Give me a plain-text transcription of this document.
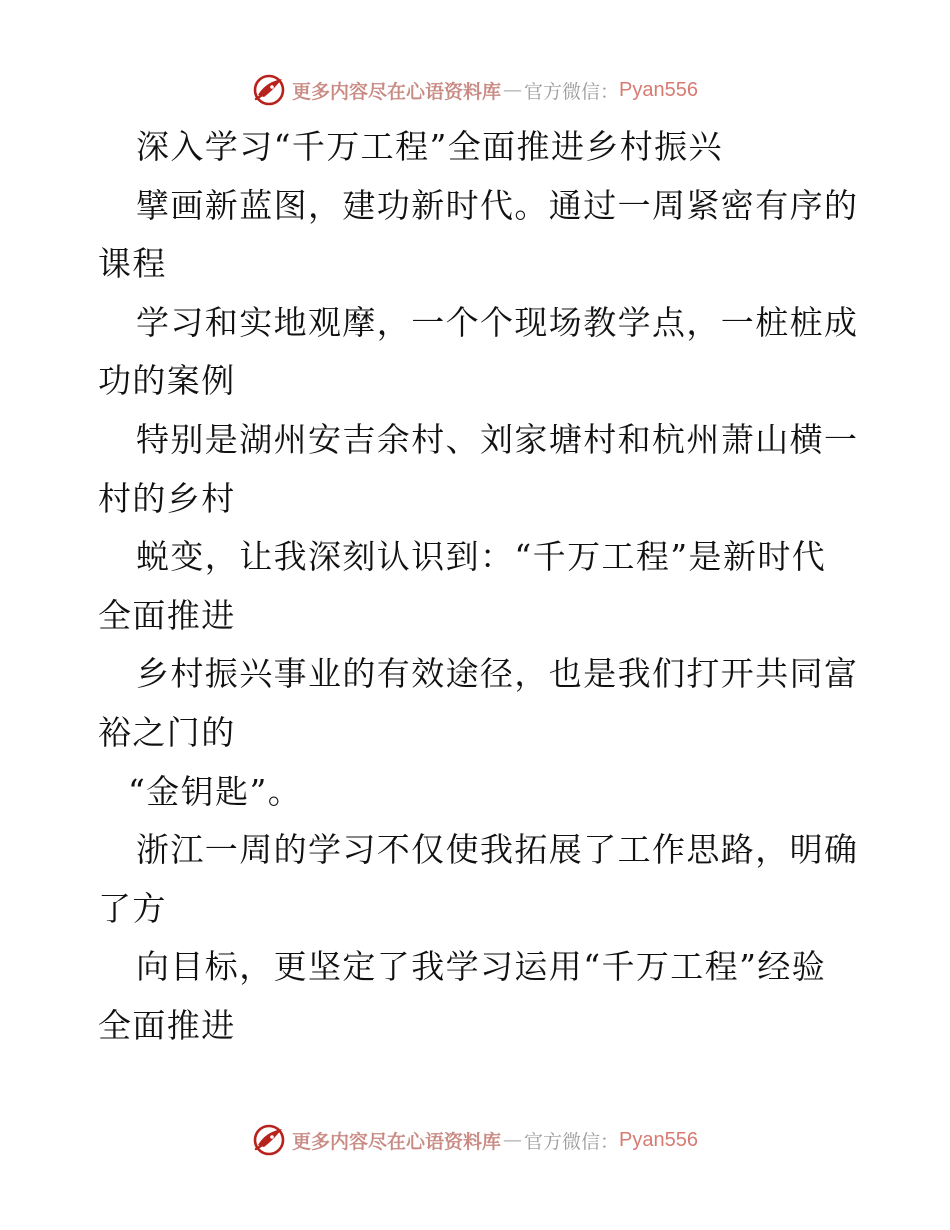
更多内容尽在心语资料库 — 官方微信： Pyan556
深入学习“千万工程”全面推进乡村振兴
擘画新蓝图，建功新时代。通过一周紧密有序的
课程
学习和实地观摩，一个个现场教学点，一桩桩成
功的案例
特别是湖州安吉余村、刘家塘村和杭州萧山横一
村的乡村
蜕变，让我深刻认识到：“千万工程”是新时代
全面推进
乡村振兴事业的有效途径，也是我们打开共同富
裕之门的
“金钥匙”。
浙江一周的学习不仅使我拓展了工作思路，明确
了方
向目标，更坚定了我学习运用“千万工程”经验
全面推进
更多内容尽在心语资料库 — 官方微信： Pyan556
